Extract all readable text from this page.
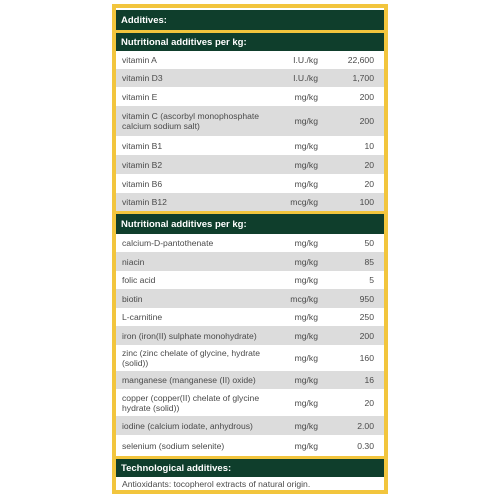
Additives:
Nutritional additives per kg:
vitamin A	I.U./kg	22,600
vitamin D3	I.U./kg	1,700
vitamin E	mg/kg	200
vitamin C (ascorbyl monophosphate calcium sodium salt)	mg/kg	200
vitamin B1	mg/kg	10
vitamin B2	mg/kg	20
vitamin B6	mg/kg	20
vitamin B12	mcg/kg	100
Nutritional additives per kg:
calcium-D-pantothenate	mg/kg	50
niacin	mg/kg	85
folic acid	mg/kg	5
biotin	mcg/kg	950
L-carnitine	mg/kg	250
iron (iron(II) sulphate monohydrate)	mg/kg	200
zinc (zinc chelate of glycine, hydrate (solid))	mg/kg	160
manganese (manganese (II) oxide)	mg/kg	16
copper (copper(II) chelate of glycine hydrate (solid))	mg/kg	20
iodine (calcium iodate, anhydrous)	mg/kg	2.00
selenium (sodium selenite)	mg/kg	0.30
Technological additives:
Antioxidants: tocopherol extracts of natural origin.
